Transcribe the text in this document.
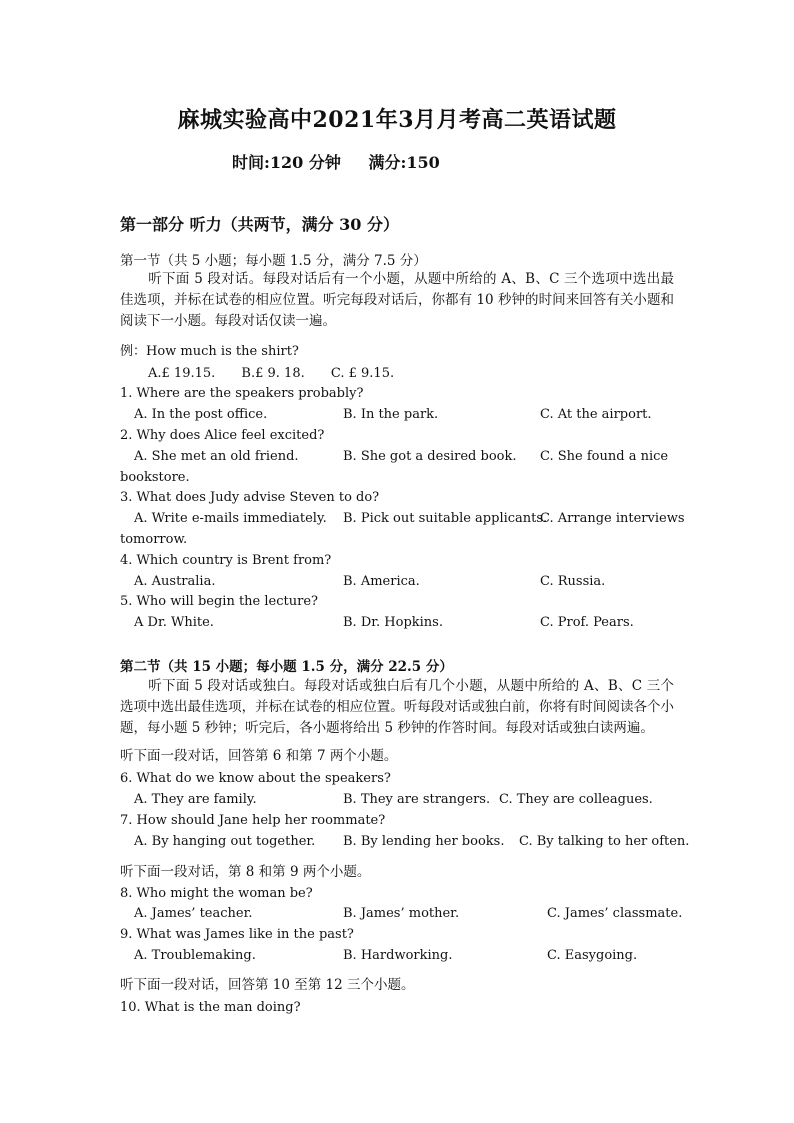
麻城实验高中2021年3月月考高二英语试题
时间:120 分钟 满分:150
第一部分 听力（共两节，满分 30 分）
第一节（共 5 小题；每小题 1.5 分，满分 7.5 分）
听下面 5 段对话。每段对话后有一个小题，从题中所给的 A、B、C 三个选项中选出最佳选项，并标在试卷的相应位置。听完每段对话后，你都有 10 秒钟的时间来回答有关小题和阅读下一小题。每段对话仅读一遍。
例：How much is the shirt?
A.£ 19.15. B.£ 9. 18. C. £ 9.15.
1. Where are the speakers probably?
A. In the post office.	B. In the park.	C. At the airport.
2. Why does Alice feel excited?
A. She met an old friend.	B. She got a desired book. C. She found a nice
bookstore.
3. What does Judy advise Steven to do?
A. Write e-mails immediately. B. Pick out suitable applicants.
C. Arrange interviews
tomorrow.
4. Which country is Brent from?
A. Australia.	B. America.	C. Russia.
5. Who will begin the lecture?
A Dr. White.	B. Dr. Hopkins.	C. Prof. Pears.
第二节（共 15 小题；每小题 1.5 分，满分 22.5 分）
听下面 5 段对话或独白。每段对话或独白后有几个小题，从题中所给的 A、B、C 三个选项中选出最佳选项，并标在试卷的相应位置。听每段对话或独白前，你将有时间阅读各个小题，每小题 5 秒钟；听完后，各小题将给出 5 秒钟的作答时间。每段对话或独白读两遍。
听下面一段对话，回答第 6 和第 7 两个小题。
6. What do we know about the speakers?
A. They are family.	B. They are strangers. C. They are colleagues.
7. How should Jane help her roommate?
A. By hanging out together. B. By lending her books. C. By talking to her often.
听下面一段对话，第 8 和第 9 两个小题。
8. Who might the woman be?
A. James’ teacher.	B. James’ mother.	C. James’ classmate.
9. What was James like in the past?
A. Troublemaking.	B. Hardworking.	C. Easygoing.
听下面一段对话，回答第 10 至第 12 三个小题。
10. What is the man doing?
